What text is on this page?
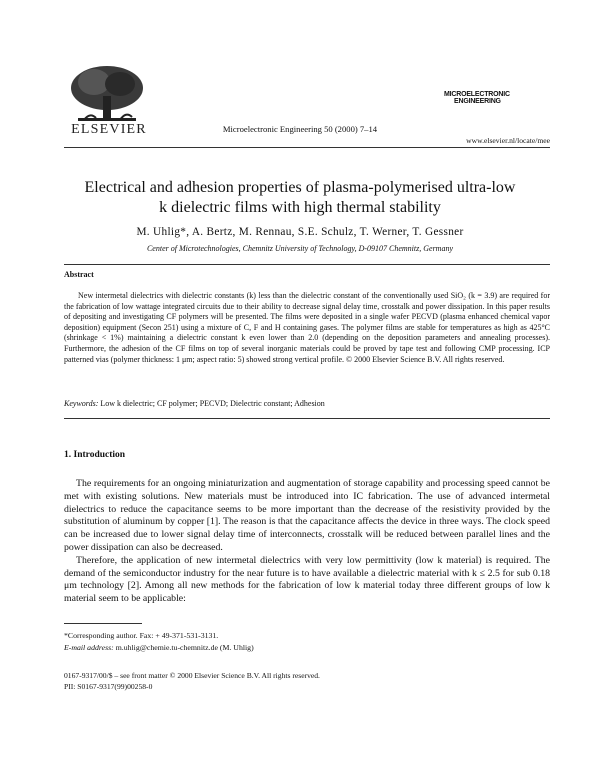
ELSEVIER	Microelectronic Engineering 50 (2000) 7–14
MICROELECTRONIC
ENGINEERING
www.elsevier.nl/locate/mee
Electrical and adhesion properties of plasma-polymerised ultra-low
k dielectric films with high thermal stability
M. Uhlig*, A. Bertz, M. Rennau, S.E. Schulz, T. Werner, T. Gessner
Center of Microtechnologies, Chemnitz University of Technology, D-09107 Chemnitz, Germany
Abstract

New intermetal dielectrics with dielectric constants (k) less than the dielectric constant of the conventionally used SiO₂ (k = 3.9) are required for the fabrication of low wattage integrated circuits due to their ability to decrease signal delay time, crosstalk and power dissipation. In this paper results of depositing and investigating CF polymers will be presented. The films were deposited in a single wafer PECVD (plasma enhanced chemical vapor deposition) equipment (Secon 251) using a mixture of C, F and H containing gases. The polymer films are stable for temperatures as high as 425°C (shrinkage < 1%) maintaining a dielectric constant k even lower than 2.0 (depending on the deposition parameters and annealing processes). Furthermore, the adhesion of the CF films on top of several inorganic materials could be proved by tape test and following CMP processing. ICP patterned vias (polymer thickness: 1 μm; aspect ratio: 5) showed strong vertical profile. © 2000 Elsevier Science B.V. All rights reserved.

Keywords: Low k dielectric; CF polymer; PECVD; Dielectric constant; Adhesion
1. Introduction

The requirements for an ongoing miniaturization and augmentation of storage capability and processing speed cannot be met with existing solutions. New materials must be introduced into IC fabrication. The use of advanced intermetal dielectrics to reduce the capacitance seems to be more important than the decrease of the resistivity provided by the substitution of aluminum by copper [1]. The reason is that the capacitance affects the device in three ways. The clock speed can be increased due to lower signal delay time of interconnects, crosstalk will be reduced between parallel lines and the power dissipation can also be decreased.

Therefore, the application of new intermetal dielectrics with very low permittivity (low k material) is required. The demand of the semiconductor industry for the near future is to have available a dielectric material with k ≤ 2.5 for sub 0.18 μm technology [2]. Among all new methods for the fabrication of low k material today three different groups of low k material seem to be applicable:

*Corresponding author. Fax: + 49-371-531-3131.
E-mail address: m.uhlig@chemie.tu-chemnitz.de (M. Uhlig)
0167-9317/00/$ – see front matter © 2000 Elsevier Science B.V. All rights reserved.
PII: S0167-9317(99)00258-0
